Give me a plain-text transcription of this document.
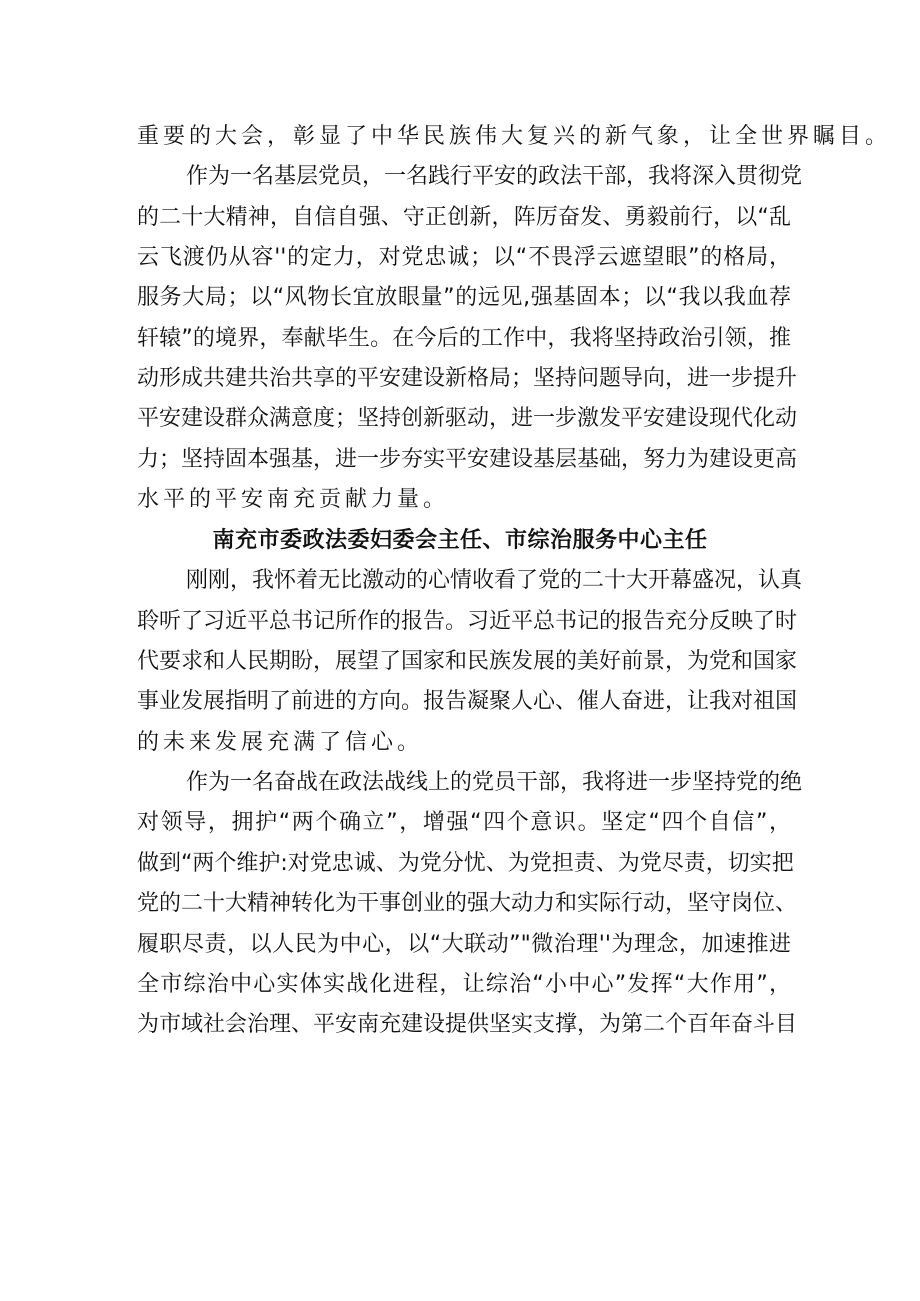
重要的大会，彰显了中华民族伟大复兴的新气象，让全世界瞩目。

作为一名基层党员，一名践行平安的政法干部，我将深入贯彻党

的二十大精神，自信自强、守正创新，阵厉奋发、勇毅前行，以“乱

云飞渡仍从容''的定力，对党忠诚；以“不畏浮云遮望眼”的格局，

服务大局；以“风物长宜放眼量”的远见,强基固本；以“我以我血荐

轩辕”的境界，奉献毕生。在今后的工作中，我将坚持政治引领，推

动形成共建共治共享的平安建设新格局；坚持问题导向，进一步提升

平安建设群众满意度；坚持创新驱动，进一步激发平安建设现代化动

力；坚持固本强基，进一步夯实平安建设基层基础，努力为建设更高

水平的平安南充贡献力量。

南充市委政法委妇委会主任、市综治服务中心主任

刚刚，我怀着无比激动的心情收看了党的二十大开幕盛况，认真

聆听了习近平总书记所作的报告。习近平总书记的报告充分反映了时

代要求和人民期盼，展望了国家和民族发展的美好前景，为党和国家

事业发展指明了前进的方向。报告凝聚人心、催人奋进，让我对祖国

的未来发展充满了信心。

作为一名奋战在政法战线上的党员干部，我将进一步坚持党的绝

对领导，拥护“两个确立”，增强“四个意识。坚定“四个自信”，

做到“两个维护:对党忠诚、为党分忧、为党担责、为党尽责，切实把

党的二十大精神转化为干事创业的强大动力和实际行动，坚守岗位、

履职尽责，以人民为中心，以“大联动”"微治理''为理念，加速推进

全市综治中心实体实战化进程，让综治“小中心”发挥“大作用”，

为市域社会治理、平安南充建设提供坚实支撑，为第二个百年奋斗目
